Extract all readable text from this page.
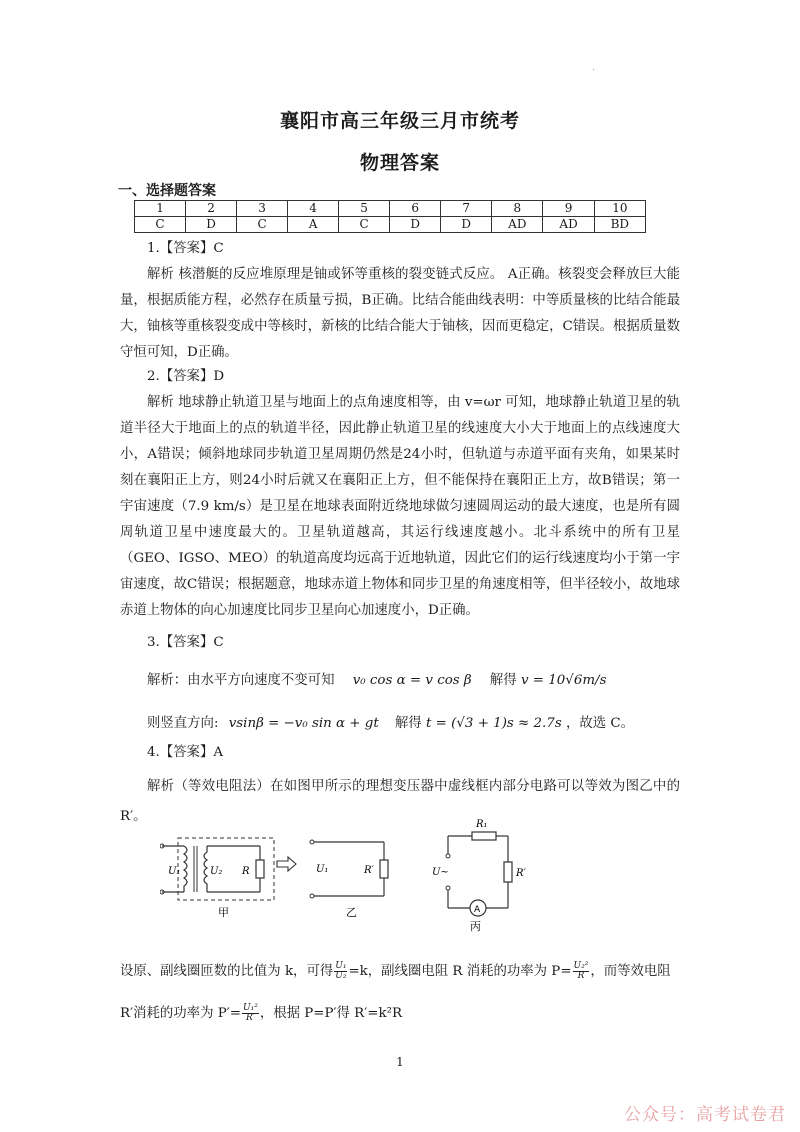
.
襄阳市高三年级三月市统考
物理答案
一、选择题答案
1	2	3	4	5	6	7	8	9	10
C	D	C	A	C	D	D	AD	AD	BD
1.【答案】C
解析 核潜艇的反应堆原理是铀或钚等重核的裂变链式反应。 A正确。核裂变会释放巨大能量，根据质能方程，必然存在质量亏损，B正确。比结合能曲线表明：中等质量核的比结合能最大，铀核等重核裂变成中等核时，新核的比结合能大于铀核，因而更稳定，C错误。根据质量数守恒可知，D正确。
2.【答案】D
解析 地球静止轨道卫星与地面上的点角速度相等，由 v=ωr 可知，地球静止轨道卫星的轨道半径大于地面上的点的轨道半径，因此静止轨道卫星的线速度大小大于地面上的点线速度大小，A错误；倾斜地球同步轨道卫星周期仍然是24小时，但轨道与赤道平面有夹角，如果某时刻在襄阳正上方，则24小时后就又在襄阳正上方，但不能保持在襄阳正上方，故B错误；第一宇宙速度（7.9 km/s）是卫星在地球表面附近绕地球做匀速圆周运动的最大速度，也是所有圆周轨道卫星中速度最大的。卫星轨道越高，其运行线速度越小。北斗系统中的所有卫星（GEO、IGSO、MEO）的轨道高度均远高于近地轨道，因此它们的运行线速度均小于第一宇宙速度，故C错误；根据题意，地球赤道上物体和同步卫星的角速度相等，但半径较小，故地球赤道上物体的向心加速度比同步卫星向心加速度小，D正确。
3.【答案】C
解析：由水平方向速度不变可知 v₀ cos α = v cos β 解得 v = 10√6m/s
则竖直方向: vsinβ = −v₀ sin α + gt 解得 t = (√3 + 1)s ≈ 2.7s ，故选 C。
4.【答案】A
解析（等效电阻法）在如图甲所示的理想变压器中虚线框内部分电路可以等效为图乙中的 R′。
U₁	U₂ R
甲
U₁	R′
乙
R₁
U~	R′
A
丙
设原、副线圈匝数的比值为 k，可得 $\frac{\text{U₁}}{\text{U₂}} =k$，副线圈电阻 R 消耗的功率为 $P= \frac{\text{U₂²}}{R}$ ，而等效电阻
R′消耗的功率为 $P'= \frac{\text{U₁²}}{R'}$ ，根据 P=P′得 R′=k²R
1
公众号：高考试卷君
